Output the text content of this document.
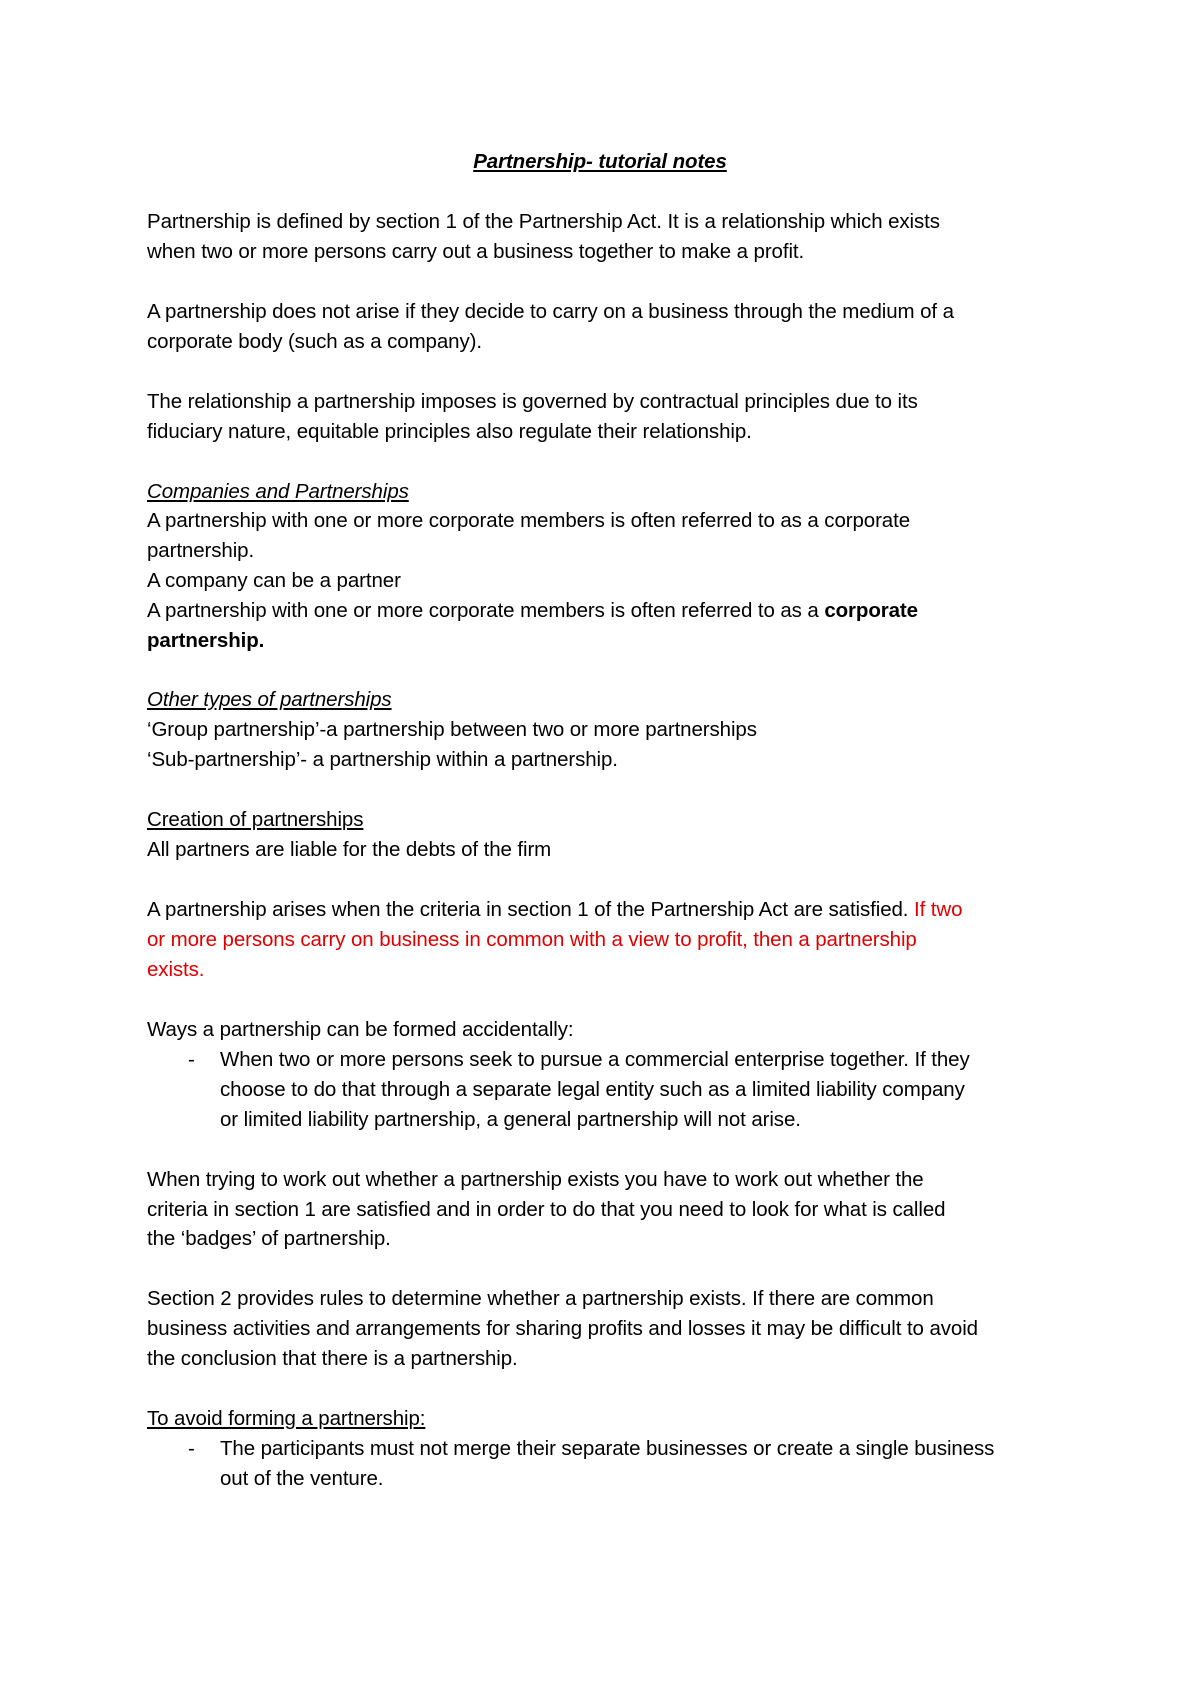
Partnership- tutorial notes
Partnership is defined by section 1 of the Partnership Act. It is a relationship which exists
when two or more persons carry out a business together to make a profit.
A partnership does not arise if they decide to carry on a business through the medium of a
corporate body (such as a company).
The relationship a partnership imposes is governed by contractual principles due to its
fiduciary nature, equitable principles also regulate their relationship.
Companies and Partnerships
A partnership with one or more corporate members is often referred to as a corporate
partnership.
A company can be a partner
A partnership with one or more corporate members is often referred to as a corporate
partnership.
Other types of partnerships
‘Group partnership’-a partnership between two or more partnerships
‘Sub-partnership’- a partnership within a partnership.
Creation of partnerships
All partners are liable for the debts of the firm
A partnership arises when the criteria in section 1 of the Partnership Act are satisfied. If two
or more persons carry on business in common with a view to profit, then a partnership
exists.
Ways a partnership can be formed accidentally:
- When two or more persons seek to pursue a commercial enterprise together. If they
choose to do that through a separate legal entity such as a limited liability company
or limited liability partnership, a general partnership will not arise.
When trying to work out whether a partnership exists you have to work out whether the
criteria in section 1 are satisfied and in order to do that you need to look for what is called
the ‘badges’ of partnership.
Section 2 provides rules to determine whether a partnership exists. If there are common
business activities and arrangements for sharing profits and losses it may be difficult to avoid
the conclusion that there is a partnership.
To avoid forming a partnership:
- The participants must not merge their separate businesses or create a single business
out of the venture.
